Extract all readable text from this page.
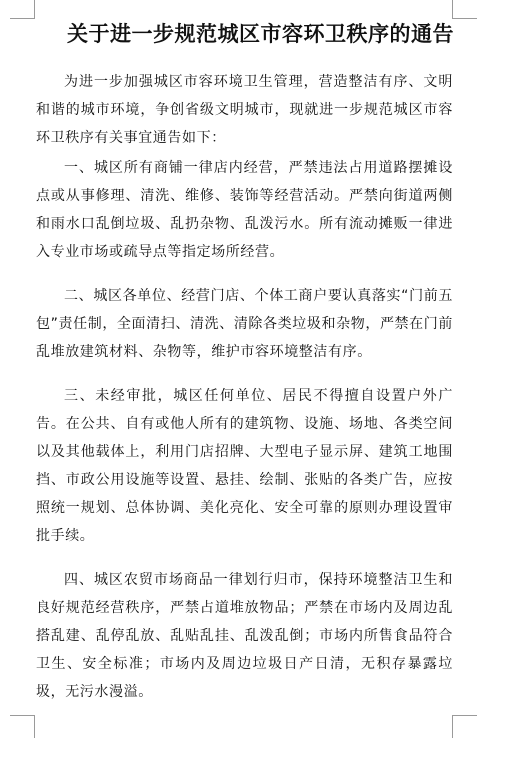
关于进一步规范城区市容环卫秩序的通告

为进一步加强城区市容环境卫生管理，营造整洁有序、文明和谐的城市环境，争创省级文明城市，现就进一步规范城区市容环卫秩序有关事宜通告如下：

一、城区所有商铺一律店内经营，严禁违法占用道路摆摊设点或从事修理、清洗、维修、装饰等经营活动。严禁向街道两侧和雨水口乱倒垃圾、乱扔杂物、乱泼污水。所有流动摊贩一律进入专业市场或疏导点等指定场所经营。

二、城区各单位、经营门店、个体工商户要认真落实“门前五包”责任制，全面清扫、清洗、清除各类垃圾和杂物，严禁在门前乱堆放建筑材料、杂物等，维护市容环境整洁有序。

三、未经审批，城区任何单位、居民不得擅自设置户外广告。在公共、自有或他人所有的建筑物、设施、场地、各类空间以及其他载体上，利用门店招牌、大型电子显示屏、建筑工地围挡、市政公用设施等设置、悬挂、绘制、张贴的各类广告，应按照统一规划、总体协调、美化亮化、安全可靠的原则办理设置审批手续。

四、城区农贸市场商品一律划行归市，保持环境整洁卫生和良好规范经营秩序，严禁占道堆放物品；严禁在市场内及周边乱搭乱建、乱停乱放、乱贴乱挂、乱泼乱倒；市场内所售食品符合卫生、安全标准；市场内及周边垃圾日产日清，无积存暴露垃圾，无污水漫溢。
